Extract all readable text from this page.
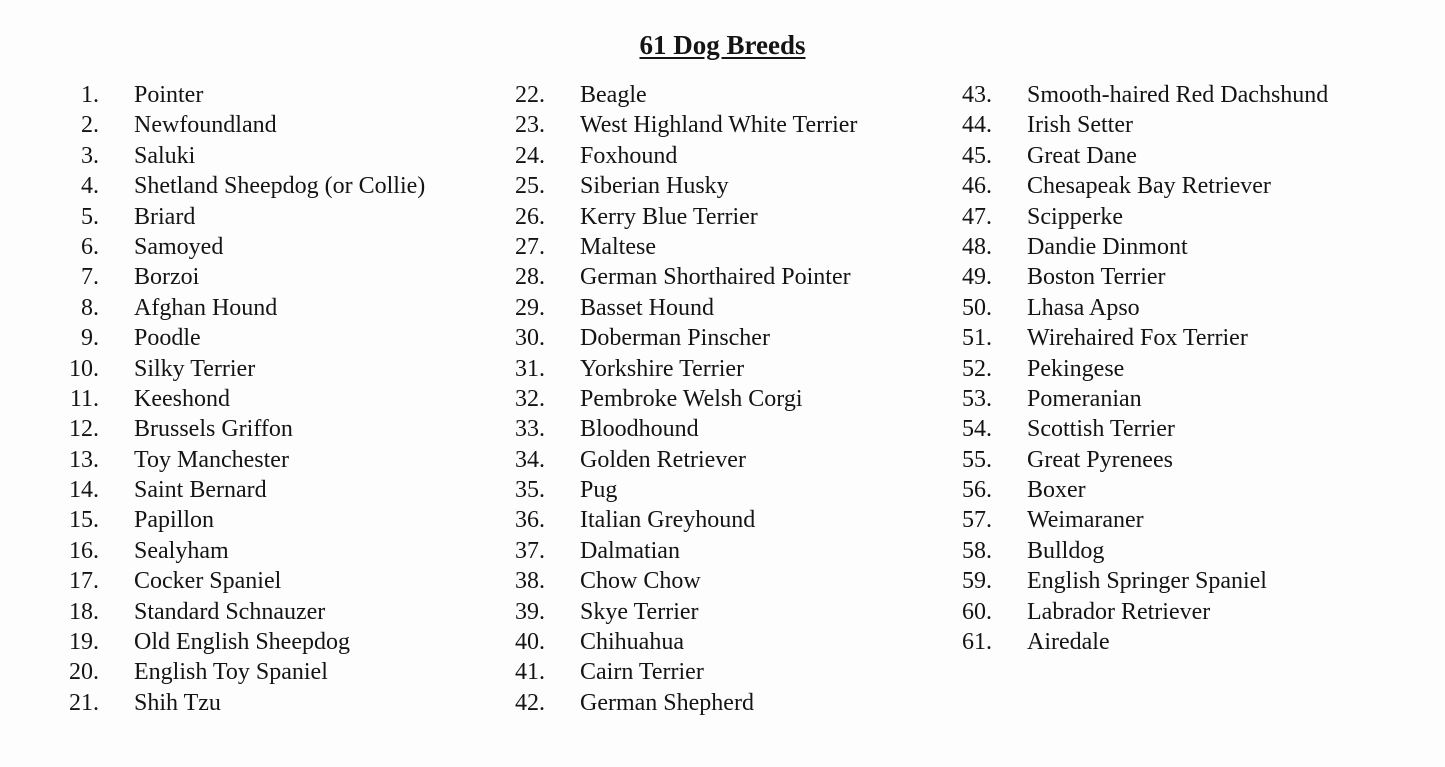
61 Dog Breeds
1. Pointer
2. Newfoundland
3. Saluki
4. Shetland Sheepdog (or Collie)
5. Briard
6. Samoyed
7. Borzoi
8. Afghan Hound
9. Poodle
10. Silky Terrier
11. Keeshond
12. Brussels Griffon
13. Toy Manchester
14. Saint Bernard
15. Papillon
16. Sealyham
17. Cocker Spaniel
18. Standard Schnauzer
19. Old English Sheepdog
20. English Toy Spaniel
21. Shih Tzu
22. Beagle
23. West Highland White Terrier
24. Foxhound
25. Siberian Husky
26. Kerry Blue Terrier
27. Maltese
28. German Shorthaired Pointer
29. Basset Hound
30. Doberman Pinscher
31. Yorkshire Terrier
32. Pembroke Welsh Corgi
33. Bloodhound
34. Golden Retriever
35. Pug
36. Italian Greyhound
37. Dalmatian
38. Chow Chow
39. Skye Terrier
40. Chihuahua
41. Cairn Terrier
42. German Shepherd
43. Smooth-haired Red Dachshund
44. Irish Setter
45. Great Dane
46. Chesapeak Bay Retriever
47. Scipperke
48. Dandie Dinmont
49. Boston Terrier
50. Lhasa Apso
51. Wirehaired Fox Terrier
52. Pekingese
53. Pomeranian
54. Scottish Terrier
55. Great Pyrenees
56. Boxer
57. Weimaraner
58. Bulldog
59. English Springer Spaniel
60. Labrador Retriever
61. Airedale
